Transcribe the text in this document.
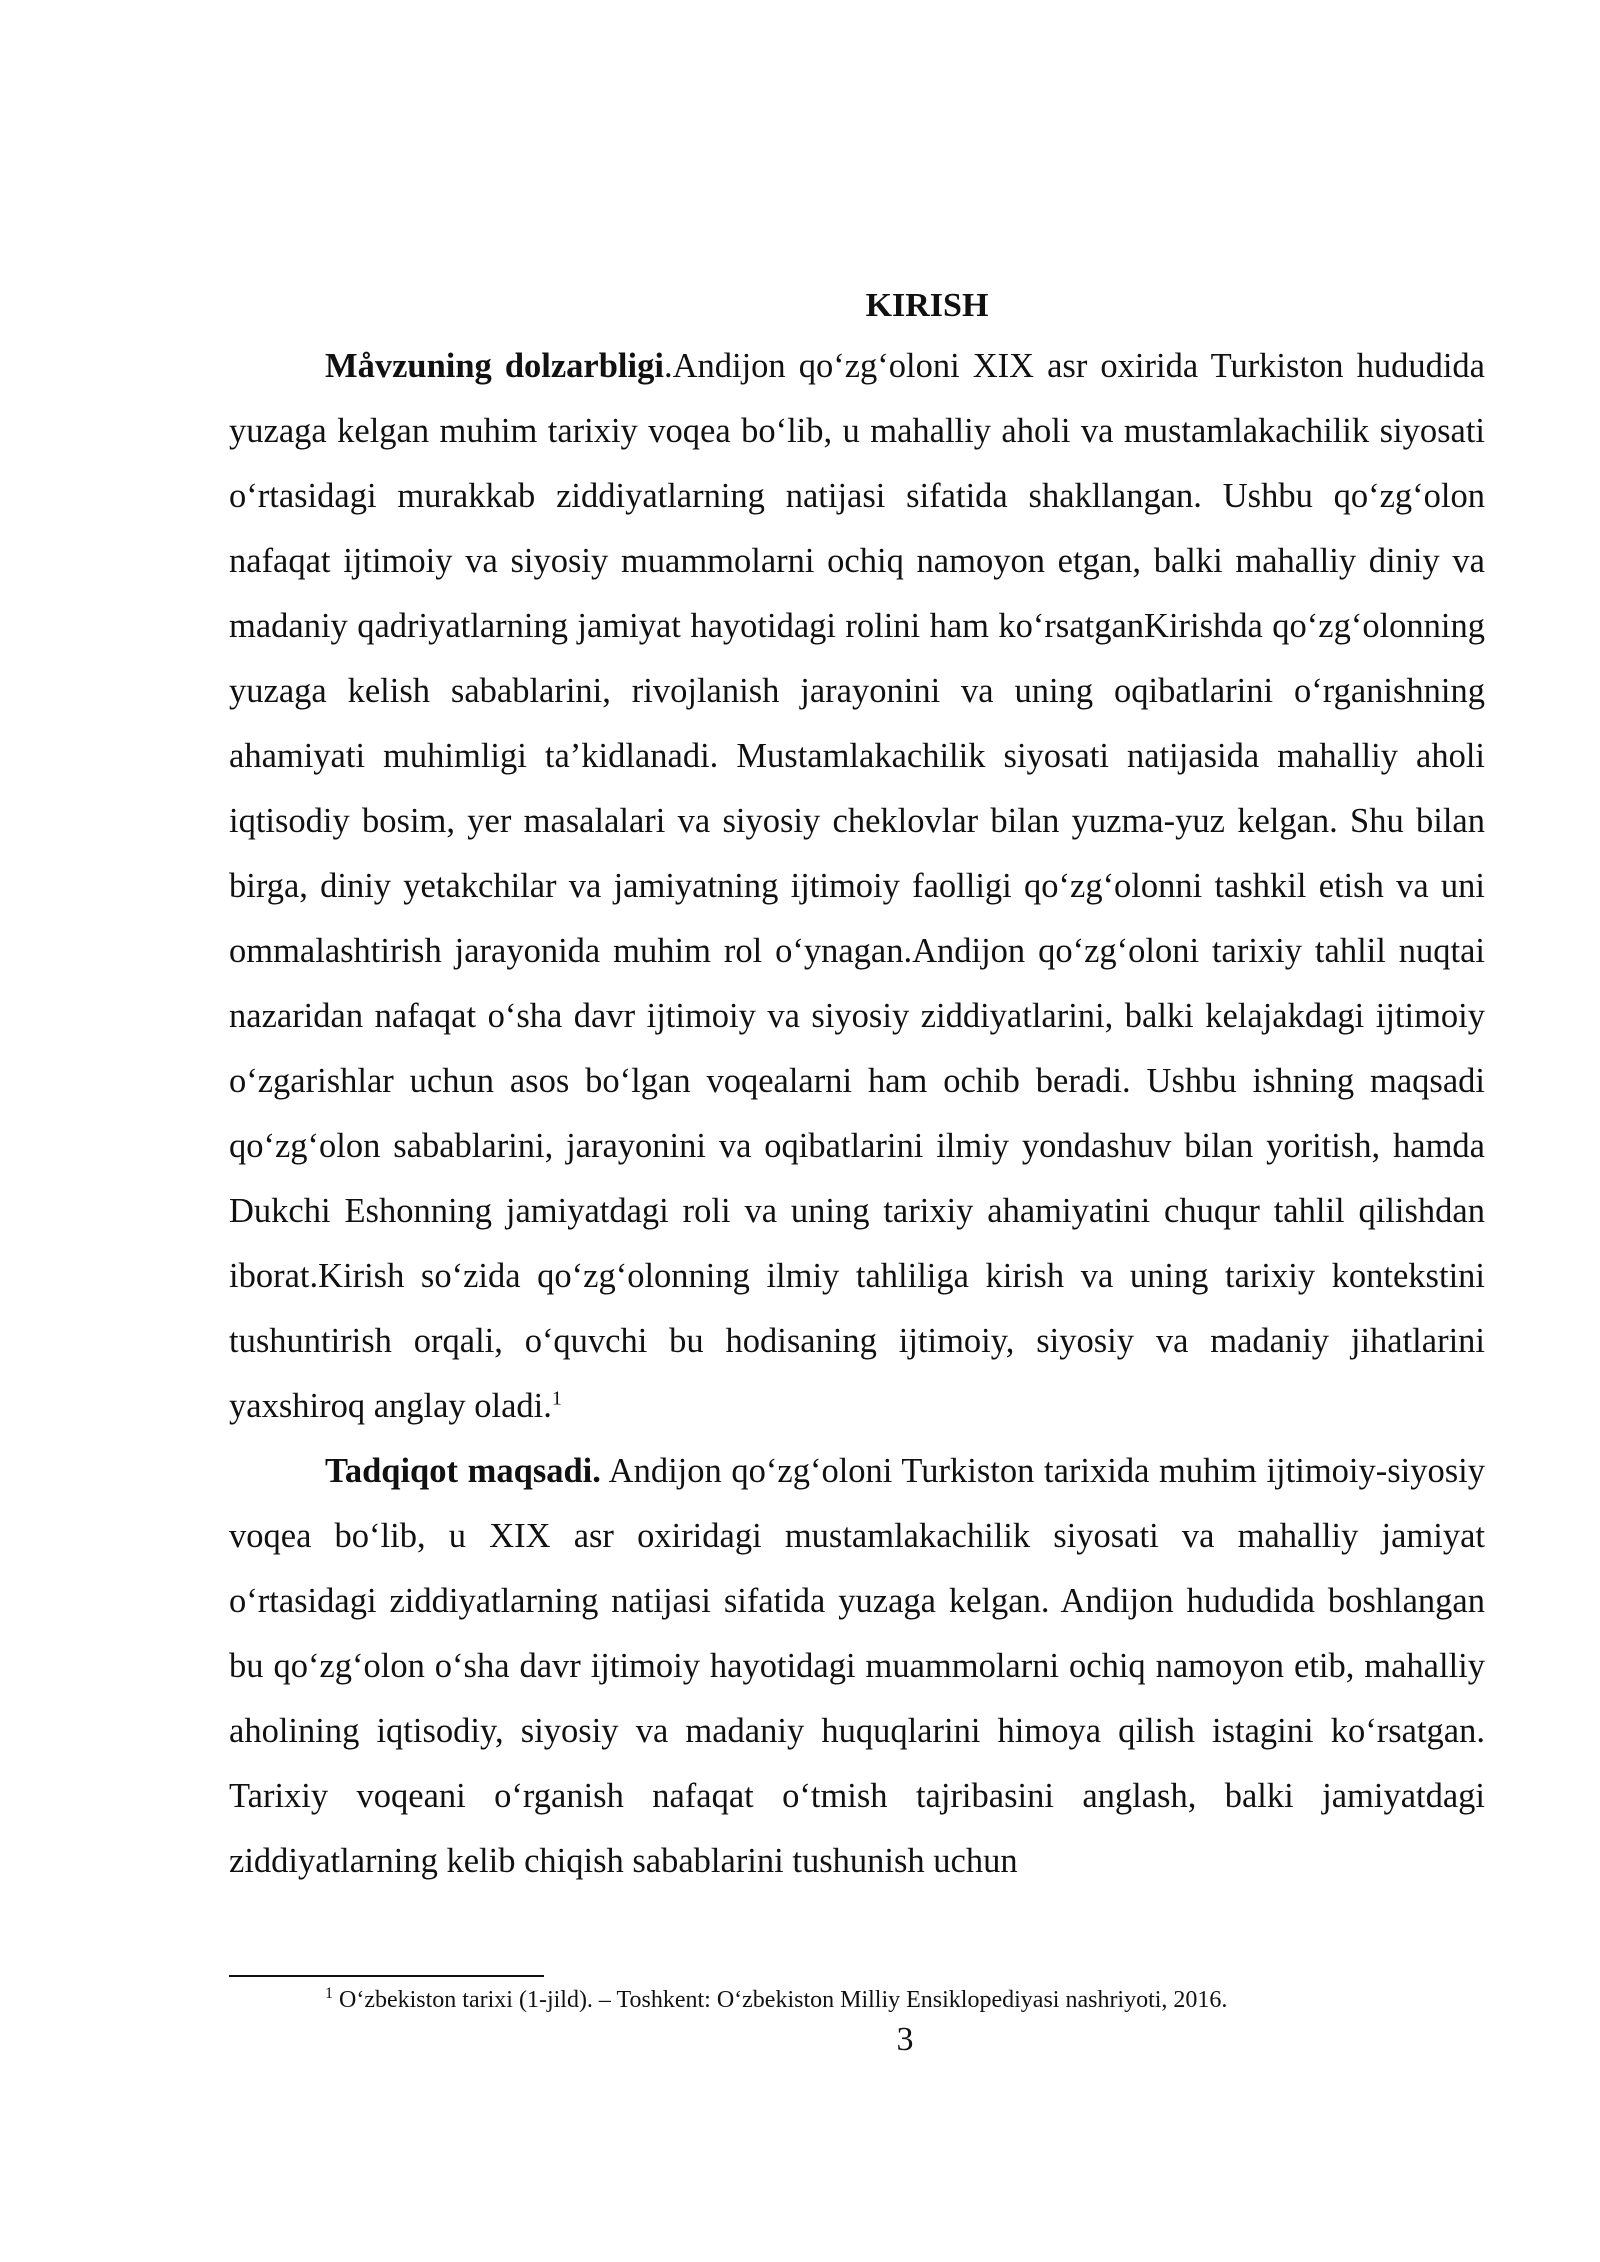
KIRISH

Måvzuning dolzarbligi.Andijon qo‘zg‘oloni XIX asr oxirida Turkiston hududida yuzaga kelgan muhim tarixiy voqea bo‘lib, u mahalliy aholi va mustamlakachilik siyosati o‘rtasidagi murakkab ziddiyatlarning natijasi sifatida shakllangan. Ushbu qo‘zg‘olon nafaqat ijtimoiy va siyosiy muammolarni ochiq namoyon etgan, balki mahalliy diniy va madaniy qadriyatlarning jamiyat hayotidagi rolini ham ko‘rsatganKirishda qo‘zg‘olonning yuzaga kelish sabablarini, rivojlanish jarayonini va uning oqibatlarini o‘rganishning ahamiyati muhimligi ta’kidlanadi. Mustamlakachilik siyosati natijasida mahalliy aholi iqtisodiy bosim, yer masalalari va siyosiy cheklovlar bilan yuzma-yuz kelgan. Shu bilan birga, diniy yetakchilar va jamiyatning ijtimoiy faolligi qo‘zg‘olonni tashkil etish va uni ommalashtirish jarayonida muhim rol o‘ynagan.Andijon qo‘zg‘oloni tarixiy tahlil nuqtai nazaridan nafaqat o‘sha davr ijtimoiy va siyosiy ziddiyatlarini, balki kelajakdagi ijtimoiy o‘zgarishlar uchun asos bo‘lgan voqealarni ham ochib beradi. Ushbu ishning maqsadi qo‘zg‘olon sabablarini, jarayonini va oqibatlarini ilmiy yondashuv bilan yoritish, hamda Dukchi Eshonning jamiyatdagi roli va uning tarixiy ahamiyatini chuqur tahlil qilishdan iborat.Kirish so‘zida qo‘zg‘olonning ilmiy tahliliga kirish va uning tarixiy kontekstini tushuntirish orqali, o‘quvchi bu hodisaning ijtimoiy, siyosiy va madaniy jihatlarini yaxshiroq anglay oladi.$^1$

Tadqiqot maqsadi. Andijon qo‘zg‘oloni Turkiston tarixida muhim ijtimoiy-siyosiy voqea bo‘lib, u XIX asr oxiridagi mustamlakachilik siyosati va mahalliy jamiyat o‘rtasidagi ziddiyatlarning natijasi sifatida yuzaga kelgan. Andijon hududida boshlangan bu qo‘zg‘olon o‘sha davr ijtimoiy hayotidagi muammolarni ochiq namoyon etib, mahalliy aholining iqtisodiy, siyosiy va madaniy huquqlarini himoya qilish istagini ko‘rsatgan. Tarixiy voqeani o‘rganish nafaqat o‘tmish tajribasini anglash, balki jamiyatdagi ziddiyatlarning kelib chiqish sabablarini tushunish uchun

$^1$ O‘zbekiston tarixi (1-jild). – Toshkent: O‘zbekiston Milliy Ensiklopediyasi nashriyoti, 2016.

3
